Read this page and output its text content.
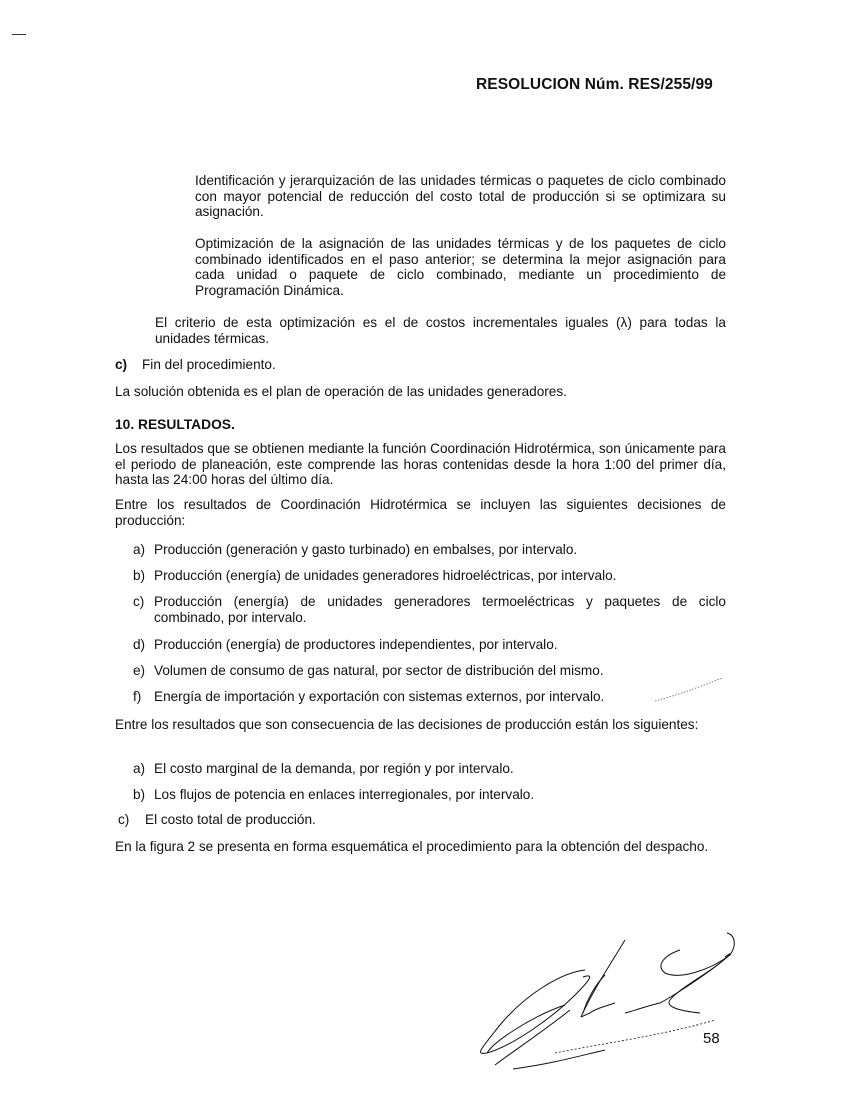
RESOLUCION Núm. RES/255/99
Identificación y jerarquización de las unidades térmicas o paquetes de ciclo combinado con mayor potencial de reducción del costo total de producción si se optimizara su asignación.
Optimización de la asignación de las unidades térmicas y de los paquetes de ciclo combinado identificados en el paso anterior; se determina la mejor asignación para cada unidad o paquete de ciclo combinado, mediante un procedimiento de Programación Dinámica.
El criterio de esta optimización es el de costos incrementales iguales (λ) para todas la unidades térmicas.
c)	Fin del procedimiento.
La solución obtenida es el plan de operación de las unidades generadores.
10. RESULTADOS.
Los resultados que se obtienen mediante la función Coordinación Hidrotérmica, son únicamente para el periodo de planeación, este comprende las horas contenidas desde la hora 1:00 del primer día, hasta las 24:00 horas del último día.
Entre los resultados de Coordinación Hidrotérmica se incluyen las siguientes decisiones de producción:
a) Producción (generación y gasto turbinado) en embalses, por intervalo.
b) Producción (energía) de unidades generadores hidroeléctricas, por intervalo.
c) Producción (energía) de unidades generadores termoeléctricas y paquetes de ciclo combinado, por intervalo.
d) Producción (energía) de productores independientes, por intervalo.
e) Volumen de consumo de gas natural, por sector de distribución del mismo.
f) Energía de importación y exportación con sistemas externos, por intervalo.
Entre los resultados que son consecuencia de las decisiones de producción están los siguientes:
a) El costo marginal de la demanda, por región y por intervalo.
b) Los flujos de potencia en enlaces interregionales, por intervalo.
c)	El costo total de producción.
En la figura 2 se presenta en forma esquemática el procedimiento para la obtención del despacho.
58
